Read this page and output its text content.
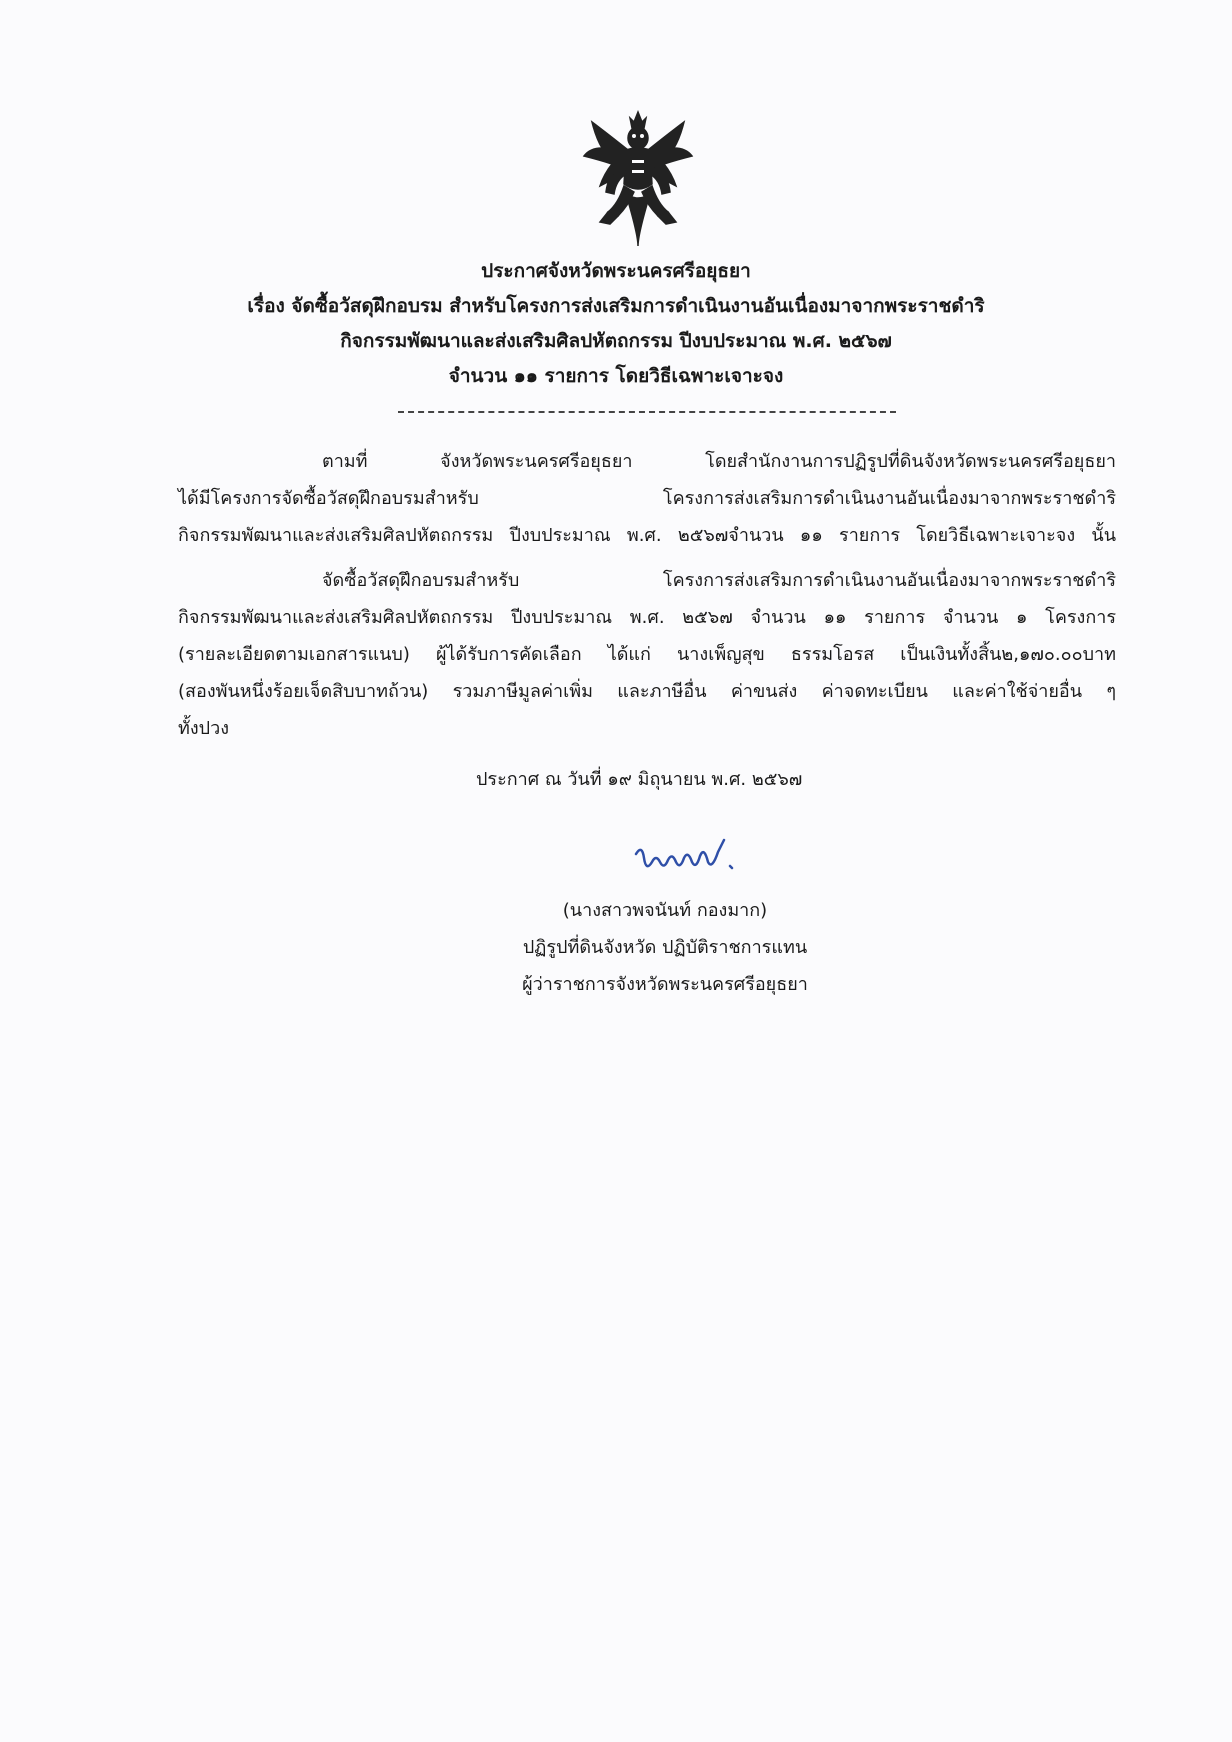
ประกาศจังหวัดพระนครศรีอยุธยา
เรื่อง จัดซื้อวัสดุฝึกอบรม สำหรับโครงการส่งเสริมการดำเนินงานอันเนื่องมาจากพระราชดำริ
กิจกรรมพัฒนาและส่งเสริมศิลปหัตถกรรม ปีงบประมาณ พ.ศ. ๒๕๖๗
จำนวน ๑๑ รายการ โดยวิธีเฉพาะเจาะจง
ตามที่ จังหวัดพระนครศรีอยุธยา โดยสำนักงานการปฏิรูปที่ดินจังหวัดพระนครศรีอยุธยา
ได้มีโครงการจัดซื้อวัสดุฝึกอบรมสำหรับ โครงการส่งเสริมการดำเนินงานอันเนื่องมาจากพระราชดำริ
กิจกรรมพัฒนาและส่งเสริมศิลปหัตถกรรม ปีงบประมาณ พ.ศ. ๒๕๖๗จำนวน ๑๑ รายการ โดยวิธีเฉพาะเจาะจง นั้น
จัดซื้อวัสดุฝึกอบรมสำหรับ โครงการส่งเสริมการดำเนินงานอันเนื่องมาจากพระราชดำริ
กิจกรรมพัฒนาและส่งเสริมศิลปหัตถกรรม ปีงบประมาณ พ.ศ. ๒๕๖๗ จำนวน ๑๑ รายการ จำนวน ๑ โครงการ
(รายละเอียดตามเอกสารแนบ) ผู้ได้รับการคัดเลือก ได้แก่ นางเพ็ญสุข ธรรมโอรส เป็นเงินทั้งสิ้น๒,๑๗๐.๐๐บาท
(สองพันหนึ่งร้อยเจ็ดสิบบาทถ้วน) รวมภาษีมูลค่าเพิ่ม และภาษีอื่น ค่าขนส่ง ค่าจดทะเบียน และค่าใช้จ่ายอื่น ๆ
ทั้งปวง
ประกาศ ณ วันที่ ๑๙ มิถุนายน พ.ศ. ๒๕๖๗
(นางสาวพจนันท์ กองมาก)
ปฏิรูปที่ดินจังหวัด ปฏิบัติราชการแทน
ผู้ว่าราชการจังหวัดพระนครศรีอยุธยา
